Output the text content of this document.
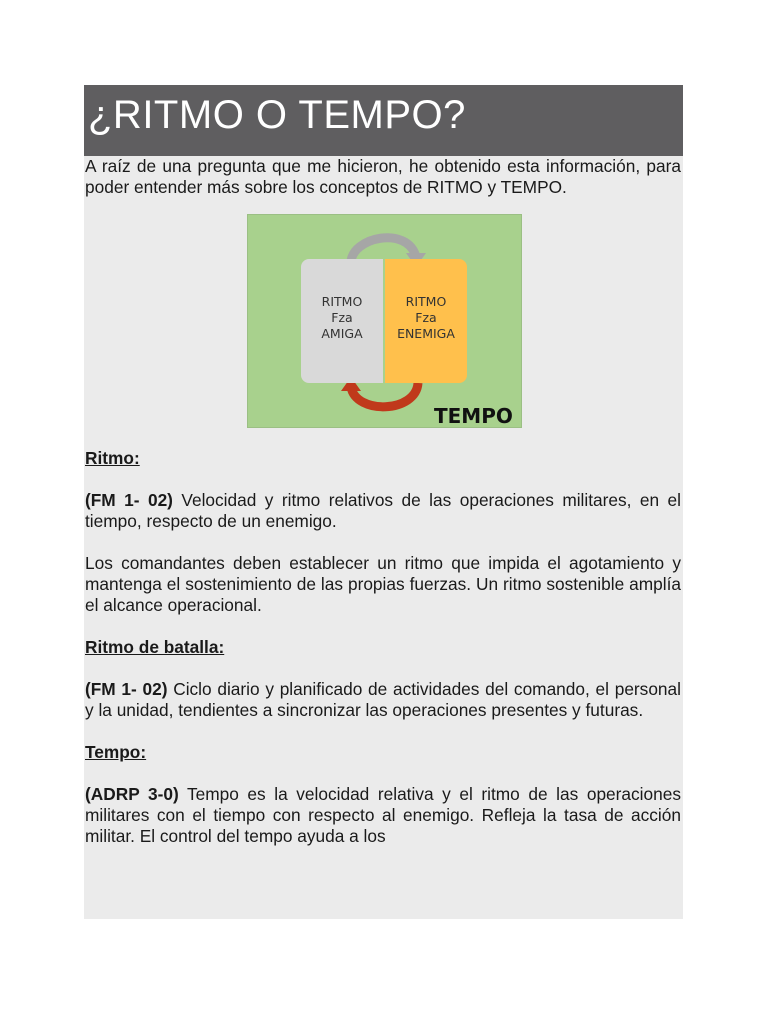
¿RITMO O TEMPO?

A raíz de una pregunta que me hicieron, he obtenido esta información, para poder entender más sobre los conceptos de RITMO y TEMPO.

RITMO
Fza
AMIGA
RITMO
Fza
ENEMIGA
TEMPO
Ritmo:

(FM 1- 02) Velocidad y ritmo relativos de las operaciones militares, en el tiempo, respecto de un enemigo.

Los comandantes deben establecer un ritmo que impida el agotamiento y mantenga el sostenimiento de las propias fuerzas. Un ritmo sostenible amplía el alcance operacional.

Ritmo de batalla:

(FM 1- 02) Ciclo diario y planificado de actividades del comando, el personal y la unidad, tendientes a sincronizar las operaciones presentes y futuras.

Tempo:

(ADRP 3-0) Tempo es la velocidad relativa y el ritmo de las operaciones militares con el tiempo con respecto al enemigo. Refleja la tasa de acción militar. El control del tempo ayuda a los
